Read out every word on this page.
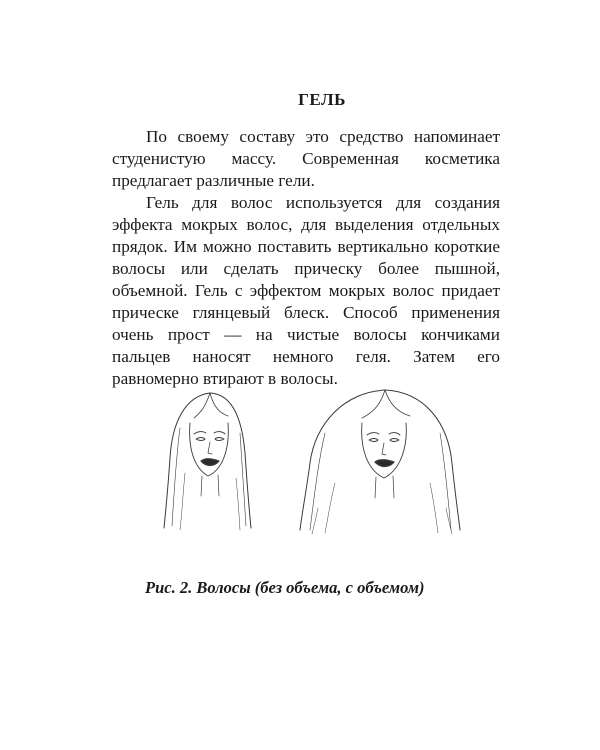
ГЕЛЬ

По своему составу это средство напоминает студенистую массу. Современная косметика предлагает различные гели.

Гель для волос используется для создания эффекта мокрых волос, для выделения отдельных прядок. Им можно поставить вертикально короткие волосы или сделать прическу более пышной, объемной. Гель с эффектом мокрых волос придает прическе глянцевый блеск. Способ применения очень прост — на чистые волосы кончиками пальцев наносят немного геля. Затем его равномерно втирают в волосы.

Рис. 2. Волосы (без объема, с объемом)
